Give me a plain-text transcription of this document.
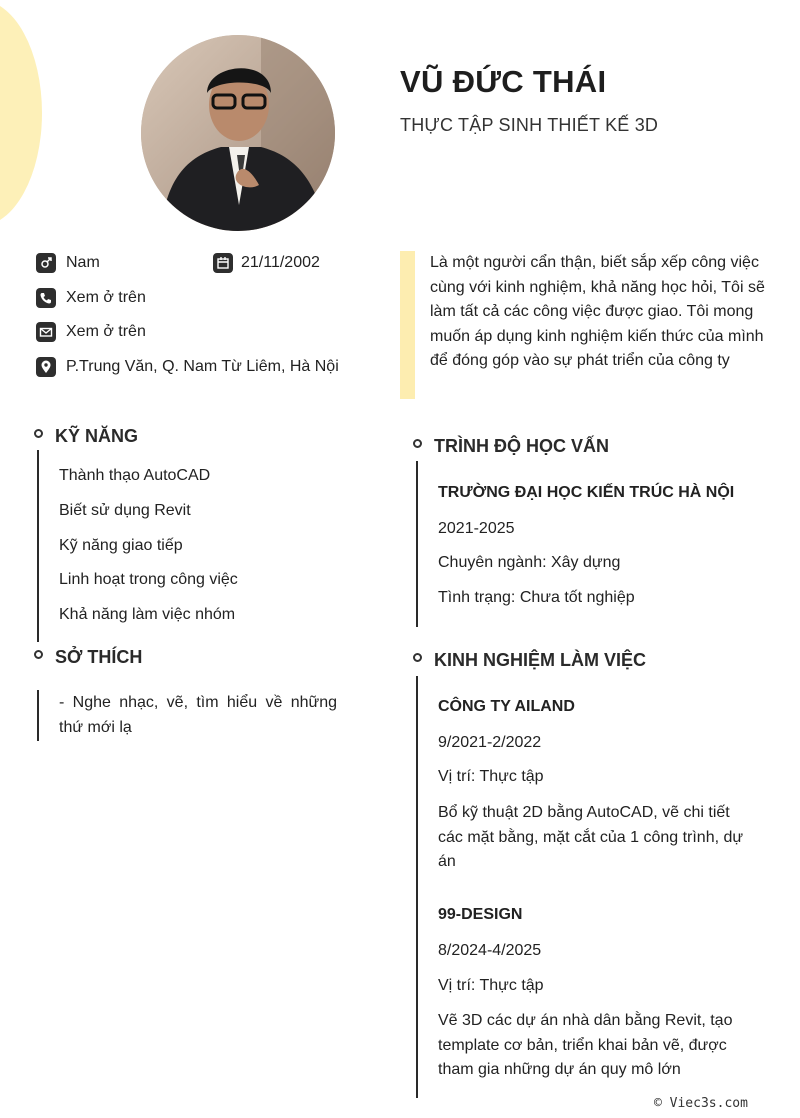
VŨ ĐỨC THÁI
THỰC TẬP SINH THIẾT KẾ 3D
Nam	21/11/2002
Xem ở trên
Xem ở trên
P.Trung Văn, Q. Nam Từ Liêm, Hà Nội
Là một người cẩn thận, biết sắp xếp công việc cùng với kinh nghiệm, khả năng học hỏi, Tôi sẽ làm tất cả các công việc được giao. Tôi mong muốn áp dụng kinh nghiệm kiến thức của mình để đóng góp vào sự phát triển của công ty
KỸ NĂNG
Thành thạo AutoCAD
Biết sử dụng Revit
Kỹ năng giao tiếp
Linh hoạt trong công việc
Khả năng làm việc nhóm
SỞ THÍCH
- Nghe nhạc, vẽ, tìm hiểu về những thứ mới lạ
TRÌNH ĐỘ HỌC VẤN
TRƯỜNG ĐẠI HỌC KIẾN TRÚC HÀ NỘI
2021-2025
Chuyên ngành: Xây dựng
Tình trạng: Chưa tốt nghiệp
KINH NGHIỆM LÀM VIỆC
CÔNG TY AILAND
9/2021-2/2022
Vị trí: Thực tập
Bổ kỹ thuật 2D bằng AutoCAD, vẽ chi tiết các mặt bằng, mặt cắt của 1 công trình, dự án
99-DESIGN
8/2024-4/2025
Vị trí: Thực tập
Vẽ 3D các dự án nhà dân bằng Revit, tạo template cơ bản, triển khai bản vẽ, được tham gia những dự án quy mô lớn
© Viec3s.com
